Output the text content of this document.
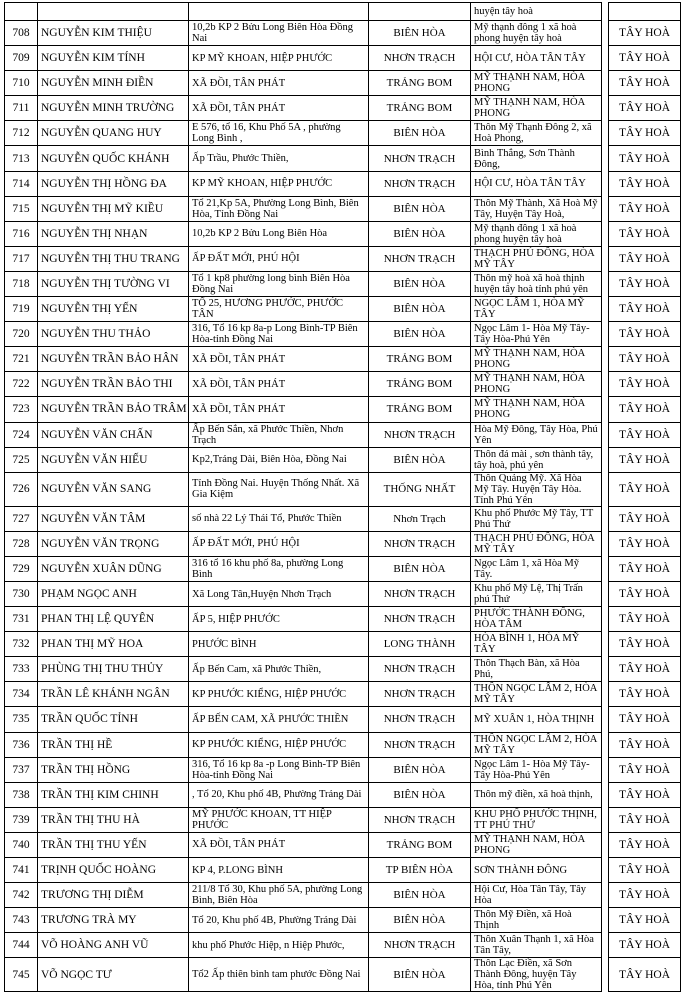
				huyện tây hoà		
708	NGUYỄN KIM THIỆU	10,2b KP 2 Bửu Long Biên Hòa Đồng Nai	BIÊN HÒA	Mỹ thạnh đông 1 xã hoà phong huyện tây hoà		TÂY HOÀ
709	NGUYỄN KIM TÍNH	KP MỸ KHOAN, HIỆP PHƯỚC	NHƠN TRẠCH	HỘI CƯ, HÒA TÂN TÂY		TÂY HOÀ
710	NGUYỄN MINH ĐIỀN	XÃ ĐỒI, TÂN PHÁT	TRẢNG BOM	MỸ THẠNH NAM, HÒA PHONG		TÂY HOÀ
711	NGUYỄN MINH TRƯỜNG	XÃ ĐỒI, TÂN PHÁT	TRẢNG BOM	MỸ THẠNH NAM, HÒA PHONG		TÂY HOÀ
712	NGUYỄN QUANG HUY	E 576, tổ 16, Khu Phố 5A , phường Long Bình ,	BIÊN HÒA	Thôn Mỹ Thạnh Đông 2, xã Hoà Phong,		TÂY HOÀ
713	NGUYỄN QUỐC KHÁNH	Ấp Trầu, Phước Thiền,	NHƠN TRẠCH	Bình Thắng, Sơn Thành Đông,		TÂY HOÀ
714	NGUYỄN THỊ HỒNG ĐA	KP MỸ KHOAN, HIỆP PHƯỚC	NHƠN TRẠCH	HỘI CƯ, HÒA TÂN TÂY		TÂY HOÀ
715	NGUYỄN THỊ MỸ KIỀU	Tổ 21,Kp 5A, Phường Long Bình, Biên Hòa, Tỉnh Đồng Nai	BIÊN HÒA	Thôn Mỹ Thành, Xã Hoà Mỹ Tây, Huyện Tây Hoà,		TÂY HOÀ
716	NGUYỄN THỊ NHẠN	10,2b KP 2 Bửu Long Biên Hòa	BIÊN HÒA	Mỹ thạnh đông 1 xã hoà phong huyện tây hoà		TÂY HOÀ
717	NGUYỄN THỊ THU TRANG	ẤP ĐẤT MỚI, PHÚ HỘI	NHƠN TRẠCH	THẠCH PHÚ ĐÔNG, HÒA MỸ TÂY		TÂY HOÀ
718	NGUYỄN THỊ TƯỜNG VI	Tổ 1 kp8 phường long bình Biên Hòa Đồng Nai	BIÊN HÒA	Thôn mỹ hoà xã hoà thịnh huyện tây hoà tỉnh phú yên		TÂY HOÀ
719	NGUYỄN THỊ YẾN	TỔ 25, HƯƠNG PHƯỚC, PHƯỚC TÂN	BIÊN HÒA	NGỌC LÂM 1, HÒA MỸ TÂY		TÂY HOÀ
720	NGUYỄN THU THẢO	316, Tổ 16 kp 8a-p Long Bình-TP Biên Hòa-tỉnh Đồng Nai	BIÊN HÒA	Ngọc Lâm 1- Hòa Mỹ Tây-Tây Hòa-Phú Yên		TÂY HOÀ
721	NGUYỄN TRẦN BẢO HÂN	XÃ ĐỒI, TÂN PHÁT	TRẢNG BOM	MỸ THẠNH NAM, HÒA PHONG		TÂY HOÀ
722	NGUYỄN TRẦN BẢO THI	XÃ ĐỒI, TÂN PHÁT	TRẢNG BOM	MỸ THẠNH NAM, HÒA PHONG		TÂY HOÀ
723	NGUYỄN TRẦN BẢO TRÂM	XÃ ĐỒI, TÂN PHÁT	TRẢNG BOM	MỸ THẠNH NAM, HÒA PHONG		TÂY HOÀ
724	NGUYỄN VĂN CHẤN	Ấp Bến Sắn, xã Phước Thiền, Nhơn Trạch	NHƠN TRẠCH	Hòa Mỹ Đông, Tây Hòa, Phú Yên		TÂY HOÀ
725	NGUYỄN VĂN HIẾU	Kp2,Trảng Dài, Biên Hòa, Đồng Nai	BIÊN HÒA	Thôn đá mài , sơn thành tây, tây hoà, phú yên		TÂY HOÀ
726	NGUYỄN VĂN SANG	Tỉnh Đồng Nai. Huyện Thống Nhất. Xã Gia Kiệm	THỐNG NHẤT	Thôn Quảng Mỹ. Xã Hòa Mỹ Tây. Huyện Tây Hòa. Tỉnh Phú Yên		TÂY HOÀ
727	NGUYỄN VĂN TÂM	số nhà 22 Lý Thái Tổ, Phước Thiền	Nhơn Trạch	Khu phố Phước Mỹ Tây, TT Phú Thứ		TÂY HOÀ
728	NGUYỄN VĂN TRỌNG	ẤP ĐẤT MỚI, PHÚ HỘI	NHƠN TRẠCH	THẠCH PHÚ ĐÔNG, HÒA MỸ TÂY		TÂY HOÀ
729	NGUYỄN XUÂN DŨNG	316 tổ 16 khu phố 8a, phường Long Bình	BIÊN HÒA	Ngọc Lâm 1, xã Hòa Mỹ Tây.		TÂY HOÀ
730	PHẠM NGỌC ANH	Xã Long Tân,Huyện Nhơn Trạch	NHƠN TRẠCH	Khu phố Mỹ Lệ, Thị Trấn phú Thứ		TÂY HOÀ
731	PHAN THỊ LỆ QUYÊN	ẤP 5, HIỆP PHƯỚC	NHƠN TRẠCH	PHƯỚC THÀNH ĐÔNG, HÒA TÂM		TÂY HOÀ
732	PHAN THỊ MỸ HOA	PHƯỚC BÌNH	LONG THÀNH	HÒA BÌNH 1, HÒA MỸ TÂY		TÂY HOÀ
733	PHÙNG THỊ THU THỦY	Ấp Bến Cam, xã Phước Thiền,	NHƠN TRẠCH	Thôn Thạch Bàn, xã Hòa Phú,		TÂY HOÀ
734	TRẦN LÊ KHÁNH NGÂN	KP PHƯỚC KIỂNG, HIỆP PHƯỚC	NHƠN TRẠCH	THÔN NGỌC LÂM 2, HÒA MỸ TÂY		TÂY HOÀ
735	TRẦN QUỐC TỈNH	ẤP BẾN CAM, XÃ PHƯỚC THIỀN	NHƠN TRẠCH	MỸ XUÂN 1, HÒA THỊNH		TÂY HOÀ
736	TRẦN THỊ HỀ	KP PHƯỚC KIỂNG, HIỆP PHƯỚC	NHƠN TRẠCH	THÔN NGỌC LÂM 2, HÒA MỸ TÂY		TÂY HOÀ
737	TRẦN THỊ HỒNG	316, Tổ 16 kp 8a -p Long Bình-TP Biên Hòa-tỉnh Đồng Nai	BIÊN HÒA	Ngọc Lâm 1- Hòa Mỹ Tây-Tây Hòa-Phú Yên		TÂY HOÀ
738	TRẦN THỊ KIM CHINH	, Tổ 20, Khu phố 4B, Phường Trảng Dài	BIÊN HÒA	Thôn mỹ điền, xã hoà thịnh,		TÂY HOÀ
739	TRẦN THỊ THU HÀ	MỸ PHƯỚC KHOAN, TT HIỆP PHƯỚC	NHƠN TRẠCH	KHU PHỐ PHƯỚC THỊNH, TT PHÚ THỨ		TÂY HOÀ
740	TRẦN THỊ THU YẾN	XÃ ĐỒI, TÂN PHÁT	TRẢNG BOM	MỸ THẠNH NAM, HÒA PHONG		TÂY HOÀ
741	TRỊNH QUỐC HOÀNG	KP 4, P.LONG BÌNH	TP BIÊN HÒA	SƠN THÀNH ĐÔNG		TÂY HOÀ
742	TRƯƠNG THỊ DIỄM	211/8 Tổ 30, Khu phố 5A, phường Long Bình, Biên Hòa	BIÊN HÒA	Hội Cư, Hòa Tân Tây, Tây Hòa		TÂY HOÀ
743	TRƯƠNG TRÀ MY	Tổ 20, Khu phố 4B, Phường Trảng Dài	BIÊN HÒA	Thôn Mỹ Điền, xã Hoà Thịnh		TÂY HOÀ
744	VÕ HOÀNG ANH VŨ	khu phố Phước Hiệp, n Hiệp Phước,	NHƠN TRẠCH	Thôn Xuân Thạnh 1, xã Hòa Tân Tây,		TÂY HOÀ
745	VÕ NGỌC TƯ	Tổ2 Ấp thiên bình tam phước Đồng Nai	BIÊN HÒA	Thôn Lạc Điền, xã Sơn Thành Đông, huyện Tây Hòa, tỉnh Phú Yên		TÂY HOÀ
